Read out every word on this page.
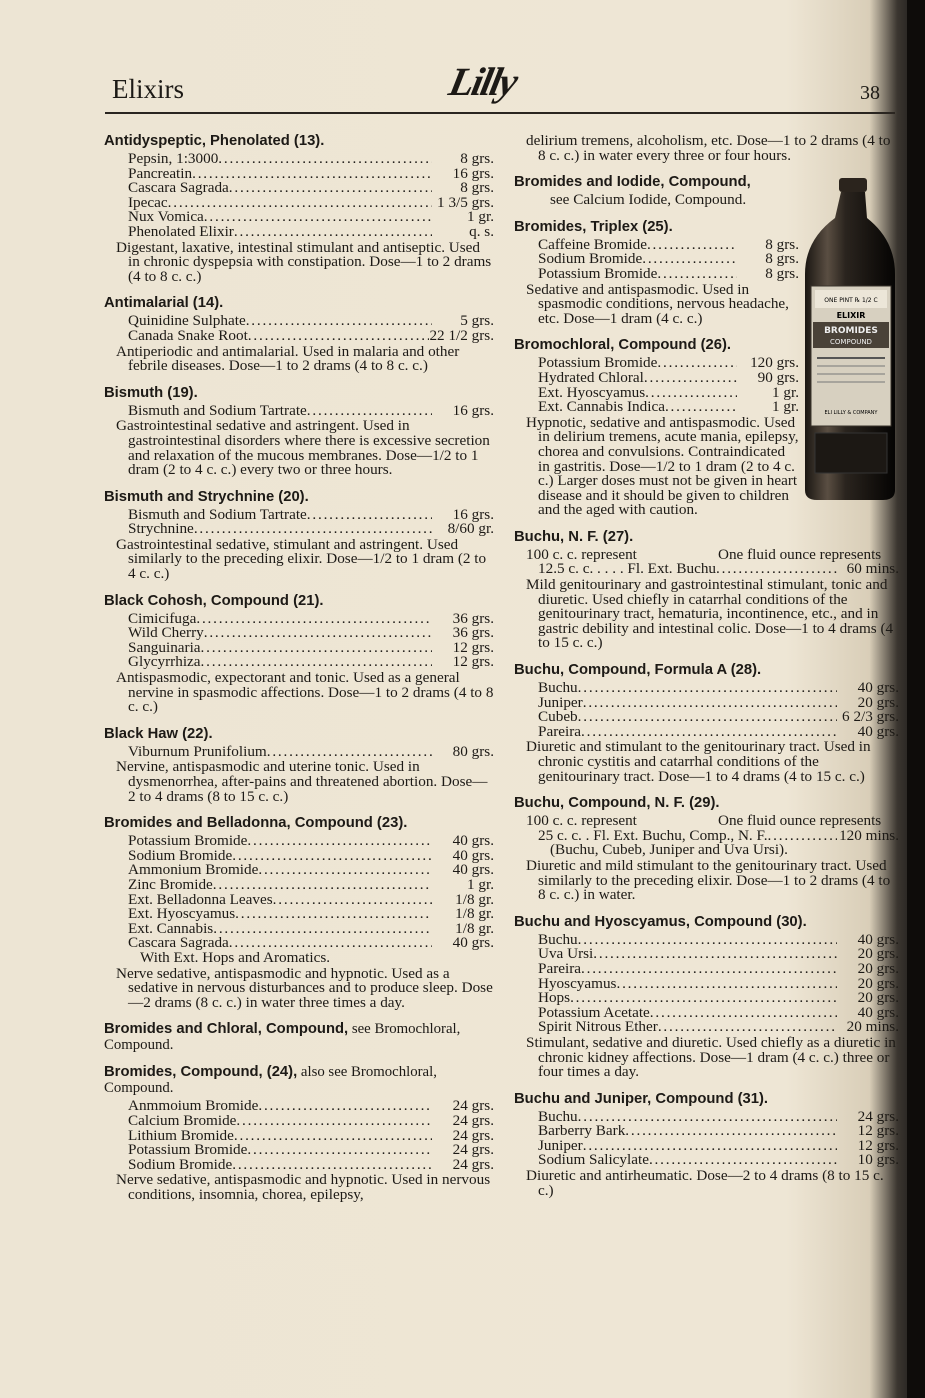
Elixirs	Lilly	38
Antidyspeptic, Phenolated (13).
Pepsin, 1:3000 . . .	8 grs.
Pancreatin . . .	16 grs.
Cascara Sagrada . . .	8 grs.
Ipecac . . .	1 3/5 grs.
Nux Vomica . . .	1 gr.
Phenolated Elixir . . .	q. s.
Digestant, laxative, intestinal stimulant and antiseptic. Used in chronic dyspepsia with constipation. Dose—1 to 2 drams (4 to 8 c. c.)
Antimalarial (14).
Quinidine Sulphate . . .	5 grs.
Canada Snake Root . . .	22 1/2 grs.
Antiperiodic and antimalarial. Used in malaria and other febrile diseases. Dose—1 to 2 drams (4 to 8 c. c.)
Bismuth (19).
Bismuth and Sodium Tartrate . . .	16 grs.
Gastrointestinal sedative and astringent. Used in gastrointestinal disorders where there is excessive secretion and relaxation of the mucous membranes. Dose—1/2 to 1 dram (2 to 4 c. c.) every two or three hours.
Bismuth and Strychnine (20).
Bismuth and Sodium Tartrate . . .	16 grs.
Strychnine . . .	8/60 gr.
Gastrointestinal sedative, stimulant and astringent. Used similarly to the preceding elixir. Dose—1/2 to 1 dram (2 to 4 c. c.)
Black Cohosh, Compound (21).
Cimicifuga . . .	36 grs.
Wild Cherry . . .	36 grs.
Sanguinaria . . .	12 grs.
Glycyrrhiza . . .	12 grs.
Antispasmodic, expectorant and tonic. Used as a general nervine in spasmodic affections. Dose—1 to 2 drams (4 to 8 c. c.)
Black Haw (22).
Viburnum Prunifolium . . .	80 grs.
Nervine, antispasmodic and uterine tonic. Used in dysmenorrhea, after-pains and threatened abortion. Dose—2 to 4 drams (8 to 15 c. c.)
Bromides and Belladonna, Compound (23).
Potassium Bromide . . .	40 grs.
Sodium Bromide . . .	40 grs.
Ammonium Bromide . . .	40 grs.
Zinc Bromide . . .	1 gr.
Ext. Belladonna Leaves . . .	1/8 gr.
Ext. Hyoscyamus . . .	1/8 gr.
Ext. Cannabis . . .	1/8 gr.
Cascara Sagrada . . .	40 grs.
With Ext. Hops and Aromatics.
Nerve sedative, antispasmodic and hypnotic. Used as a sedative in nervous disturbances and to produce sleep. Dose—2 drams (8 c. c.) in water three times a day.
Bromides and Chloral, Compound, see Bromochloral, Compound.
Bromides, Compound, (24), also see Bromochloral, Compound.
Anmmoium Bromide . . .	24 grs.
Calcium Bromide . . .	24 grs.
Lithium Bromide . . .	24 grs.
Potassium Bromide . . .	24 grs.
Sodium Bromide . . .	24 grs.
Nerve sedative, antispasmodic and hypnotic. Used in nervous conditions, insomnia, chorea, epilepsy,
delirium tremens, alcoholism, etc. Dose—1 to 2 drams (4 to 8 c. c.) in water every three or four hours.
Bromides and Iodide, Compound,
see Calcium Iodide, Compound.
Bromides, Triplex (25).
Caffeine Bromide . . .	8 grs.
Sodium Bromide . . .	8 grs.
Potassium Bromide . . .	8 grs.
Sedative and antispasmodic. Used in spasmodic conditions, nervous headache, etc. Dose—1 dram (4 c. c.)
Bromochloral, Compound (26).
Potassium Bromide . . .	120 grs.
Hydrated Chloral . . .	90 grs.
Ext. Hyoscyamus . . .	1 gr.
Ext. Cannabis Indica . . .	1 gr.
Hypnotic, sedative and antispasmodic. Used in delirium tremens, acute mania, epilepsy, chorea and convulsions. Contraindicated in gastritis. Dose—1/2 to 1 dram (2 to 4 c. c.) Larger doses must not be given in heart disease and it should be given to children and the aged with caution.
Buchu, N. F. (27).
100 c. c. represent	One fluid ounce represents
12.5 c. c. . . . . Fl. Ext. Buchu . . .	60 mins.
Mild genitourinary and gastrointestinal stimulant, tonic and diuretic. Used chiefly in catarrhal conditions of the genitourinary tract, hematuria, incontinence, etc., and in gastric debility and intestinal colic. Dose—1 to 4 drams (4 to 15 c. c.)
Buchu, Compound, Formula A (28).
Buchu . . .	40 grs.
Juniper . . .	20 grs.
Cubeb . . .	6 2/3 grs.
Pareira . . .	40 grs.
Diuretic and stimulant to the genitourinary tract. Used in chronic cystitis and catarrhal conditions of the genitourinary tract. Dose—1 to 4 drams (4 to 15 c. c.)
Buchu, Compound, N. F. (29).
100 c. c. represent	One fluid ounce represents
25 c. c. . Fl. Ext. Buchu, Comp., N. F. . . .	120 mins.
(Buchu, Cubeb, Juniper and Uva Ursi).
Diuretic and mild stimulant to the genitourinary tract. Used similarly to the preceding elixir. Dose—1 to 2 drams (4 to 8 c. c.) in water.
Buchu and Hyoscyamus, Compound (30).
Buchu . . .	40 grs.
Uva Ursi . . .	20 grs.
Pareira . . .	20 grs.
Hyoscyamus . . .	20 grs.
Hops . . .	20 grs.
Potassium Acetate . . .	40 grs.
Spirit Nitrous Ether . . .	20 mins.
Stimulant, sedative and diuretic. Used chiefly as a diuretic in chronic kidney affections. Dose—1 dram (4 c. c.) three or four times a day.
Buchu and Juniper, Compound (31).
Buchu . . .	24 grs.
Barberry Bark . . .	12 grs.
Juniper . . .	12 grs.
Sodium Salicylate . . .	10 grs.
Diuretic and antirheumatic. Dose—2 to 4 drams (8 to 15 c. c.)
ONE PINT ℞ 1/2 C
ELIXIR
BROMIDES
COMPOUND
ELI LILLY & COMPANY
